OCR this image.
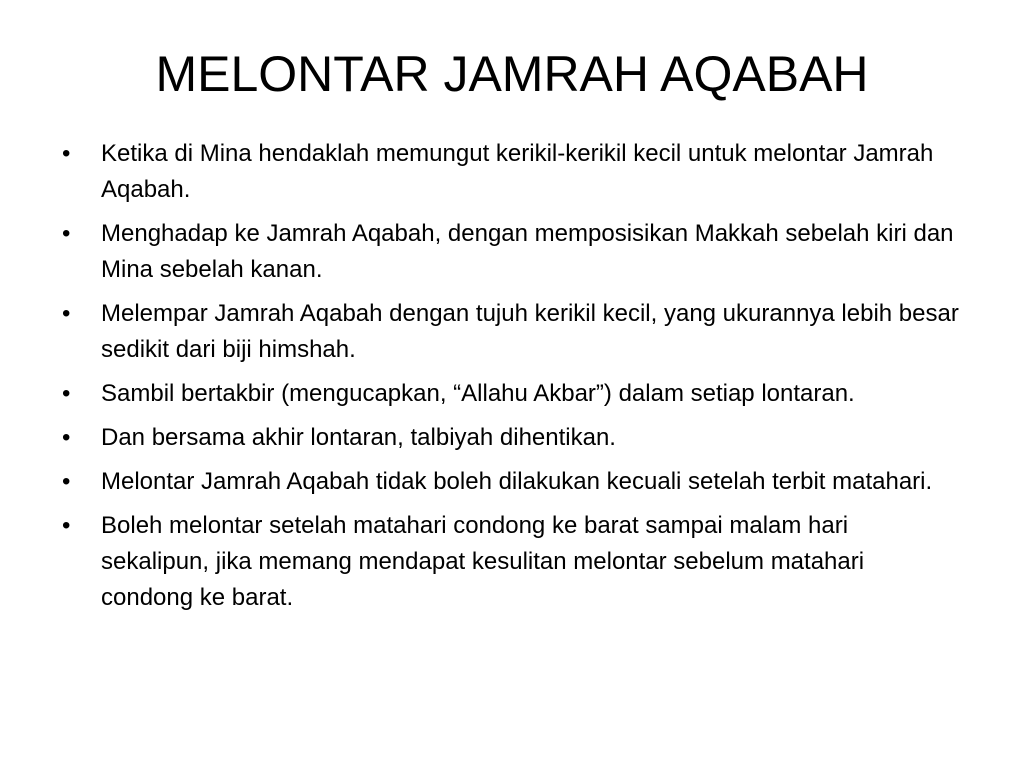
MELONTAR JAMRAH AQABAH
•	Ketika di Mina hendaklah memungut kerikil-kerikil kecil untuk melontar Jamrah Aqabah.
•	Menghadap ke Jamrah Aqabah, dengan memposisikan Makkah sebelah kiri dan Mina sebelah kanan.
•	Melempar Jamrah Aqabah dengan tujuh kerikil kecil, yang ukurannya lebih besar sedikit dari biji himshah.
•	Sambil bertakbir (mengucapkan, “Allahu Akbar”) dalam setiap lontaran.
•	Dan bersama akhir lontaran, talbiyah dihentikan.
•	Melontar Jamrah Aqabah tidak boleh dilakukan kecuali setelah terbit matahari.
•	Boleh melontar setelah matahari condong ke barat sampai malam hari sekalipun, jika memang mendapat kesulitan melontar sebelum matahari condong ke barat.
